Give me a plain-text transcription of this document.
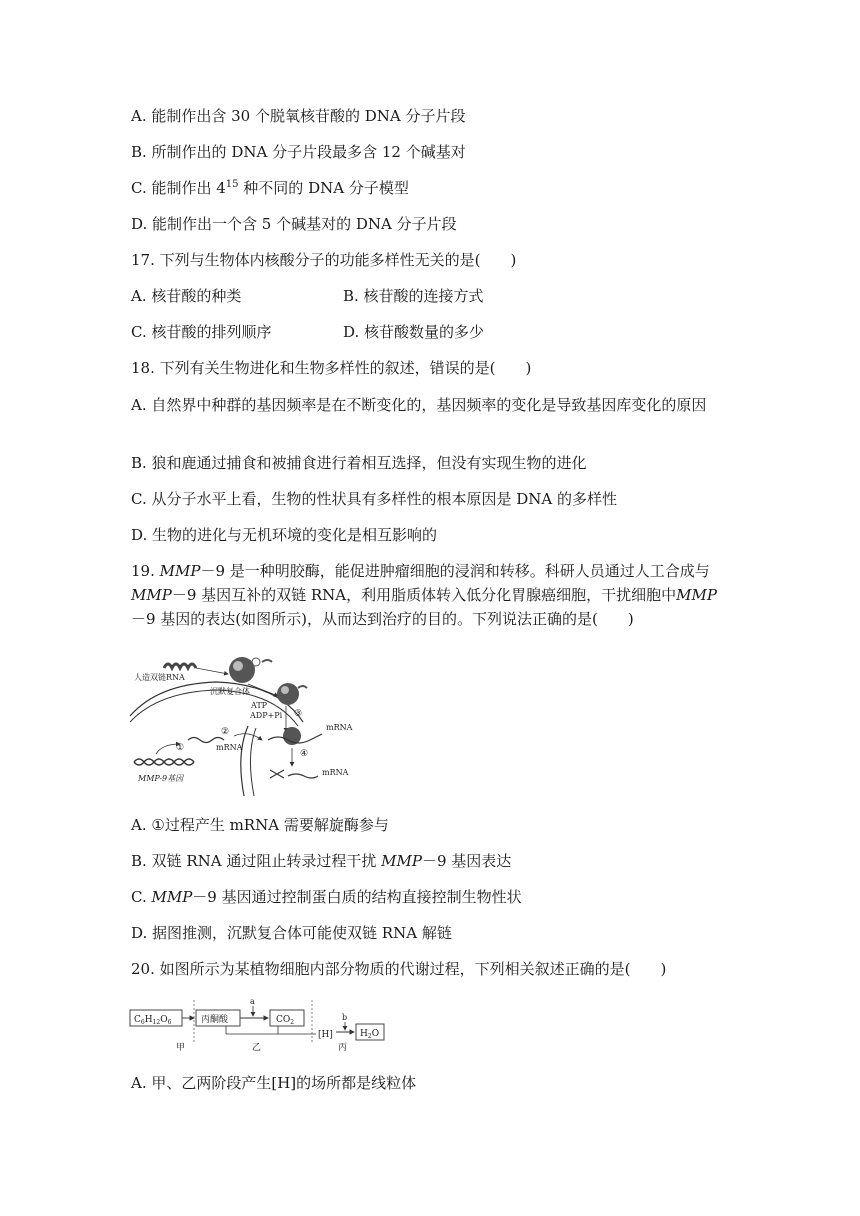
A. 能制作出含 30 个脱氧核苷酸的 DNA 分子片段
B. 所制作出的 DNA 分子片段最多含 12 个碱基对
C. 能制作出 $4^{15}$ 种不同的 DNA 分子模型
D. 能制作出一个含 5 个碱基对的 DNA 分子片段
17. 下列与生物体内核酸分子的功能多样性无关的是(　　)
A. 核苷酸的种类	B. 核苷酸的连接方式
C. 核苷酸的排列顺序	D. 核苷酸数量的多少
18. 下列有关生物进化和生物多样性的叙述，错误的是(　　)
A. 自然界中种群的基因频率是在不断变化的，基因频率的变化是导致基因库变化的原因
B. 狼和鹿通过捕食和被捕食进行着相互选择，但没有实现生物的进化
C. 从分子水平上看，生物的性状具有多样性的根本原因是 DNA 的多样性
D. 生物的进化与无机环境的变化是相互影响的
19. MMP－9 是一种明胶酶，能促进肿瘤细胞的浸润和转移。科研人员通过人工合成与
MMP－9 基因互补的双链 RNA，利用脂质体转入低分化胃腺癌细胞，干扰细胞中MMP
－9 基因的表达(如图所示)，从而达到治疗的目的。下列说法正确的是(　　)
ATP
ADP+Pi ③
mRNA
④
mRNA
②
mRNA
①
MMP-9基因
人造双链RNA
沉默复合体
A. ①过程产生 mRNA 需要解旋酶参与
B. 双链 RNA 通过阻止转录过程干扰 MMP－9 基因表达
C. MMP－9 基因通过控制蛋白质的结构直接控制生物性状
D. 据图推测，沉默复合体可能使双链 RNA 解链
20. 如图所示为某植物细胞内部分物质的代谢过程，下列相关叙述正确的是(　　)
$C_6H_{12}O_6$	丙酮酸
a
$CO_2$
[H]
b
$H_2O$
甲	乙	丙
A. 甲、乙两阶段产生[H]的场所都是线粒体
